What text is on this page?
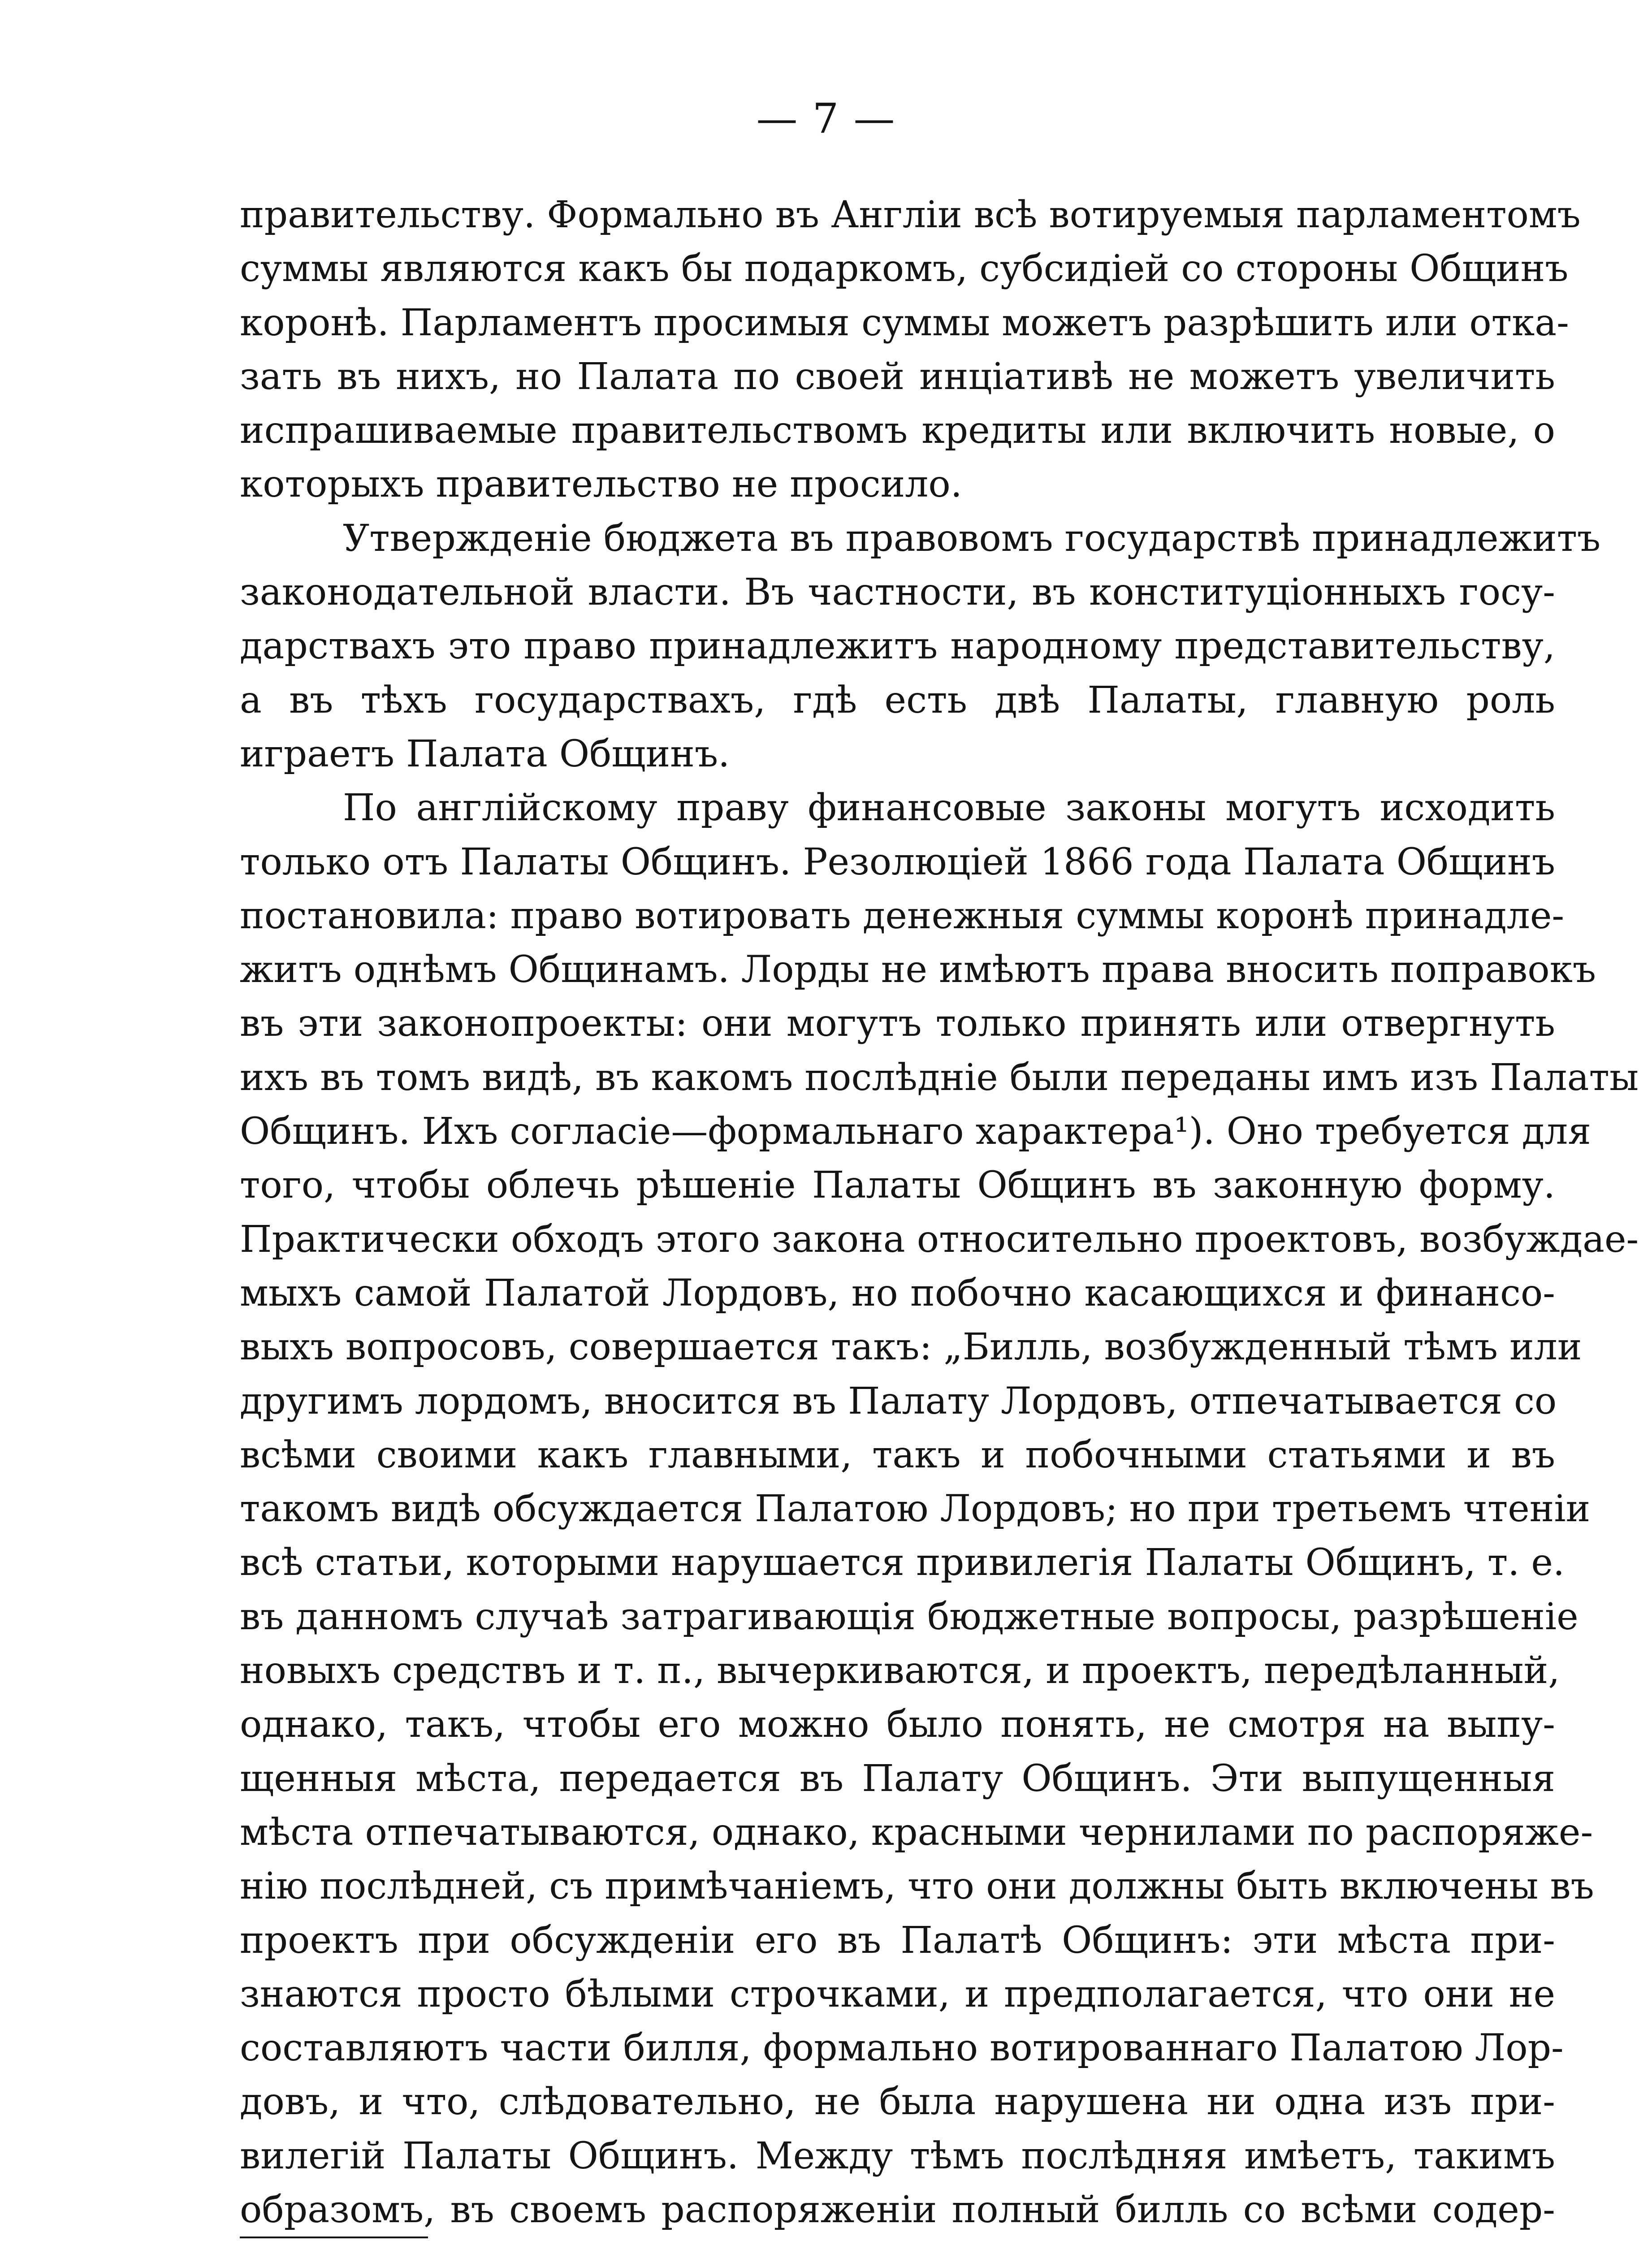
— 7 —
правительству. Формально въ Англіи всѣ вотируемыя парламентомъ
суммы являются какъ бы подаркомъ, субсидіей со стороны Общинъ
коронѣ. Парламентъ просимыя суммы можетъ разрѣшить или отка-
зать въ нихъ, но Палата по своей инціативѣ не можетъ увеличить
испрашиваемые правительствомъ кредиты или включить новые, о
которыхъ правительство не просило.
Утвержденіе бюджета въ правовомъ государствѣ принадлежитъ
законодательной власти. Въ частности, въ конституціонныхъ госу-
дарствахъ это право принадлежитъ народному представительству,
а въ тѣхъ государствахъ, гдѣ есть двѣ Палаты, главную роль
играетъ Палата Общинъ.
По англійскому праву финансовые законы могутъ исходить
только отъ Палаты Общинъ. Резолюціей 1866 года Палата Общинъ
постановила: право вотировать денежныя суммы коронѣ принадле-
житъ однѣмъ Общинамъ. Лорды не имѣютъ права вносить поправокъ
въ эти законопроекты: они могутъ только принять или отвергнуть
ихъ въ томъ видѣ, въ какомъ послѣдніе были переданы имъ изъ Палаты
Общинъ. Ихъ согласіе—формальнаго характера¹). Оно требуется для
того, чтобы облечь рѣшеніе Палаты Общинъ въ законную форму.
Практически обходъ этого закона относительно проектовъ, возбуждае-
мыхъ самой Палатой Лордовъ, но побочно касающихся и финансо-
выхъ вопросовъ, совершается такъ: „Билль, возбужденный тѣмъ или
другимъ лордомъ, вносится въ Палату Лордовъ, отпечатывается со
всѣми своими какъ главными, такъ и побочными статьями и въ
такомъ видѣ обсуждается Палатою Лордовъ; но при третьемъ чтеніи
всѣ статьи, которыми нарушается привилегія Палаты Общинъ, т. е.
въ данномъ случаѣ затрагивающія бюджетные вопросы, разрѣшеніе
новыхъ средствъ и т. п., вычеркиваются, и проектъ, передѣланный,
однако, такъ, чтобы его можно было понять, не смотря на выпу-
щенныя мѣста, передается въ Палату Общинъ. Эти выпущенныя
мѣста отпечатываются, однако, красными чернилами по распоряже-
нію послѣдней, съ примѣчаніемъ, что они должны быть включены въ
проектъ при обсужденіи его въ Палатѣ Общинъ: эти мѣста при-
знаются просто бѣлыми строчками, и предполагается, что они не
составляютъ части билля, формально вотированнаго Палатою Лор-
довъ, и что, слѣдовательно, не была нарушена ни одна изъ при-
вилегій Палаты Общинъ. Между тѣмъ послѣдняя имѣетъ, такимъ
образомъ, въ своемъ распоряженіи полный билль со всѣми содер-
